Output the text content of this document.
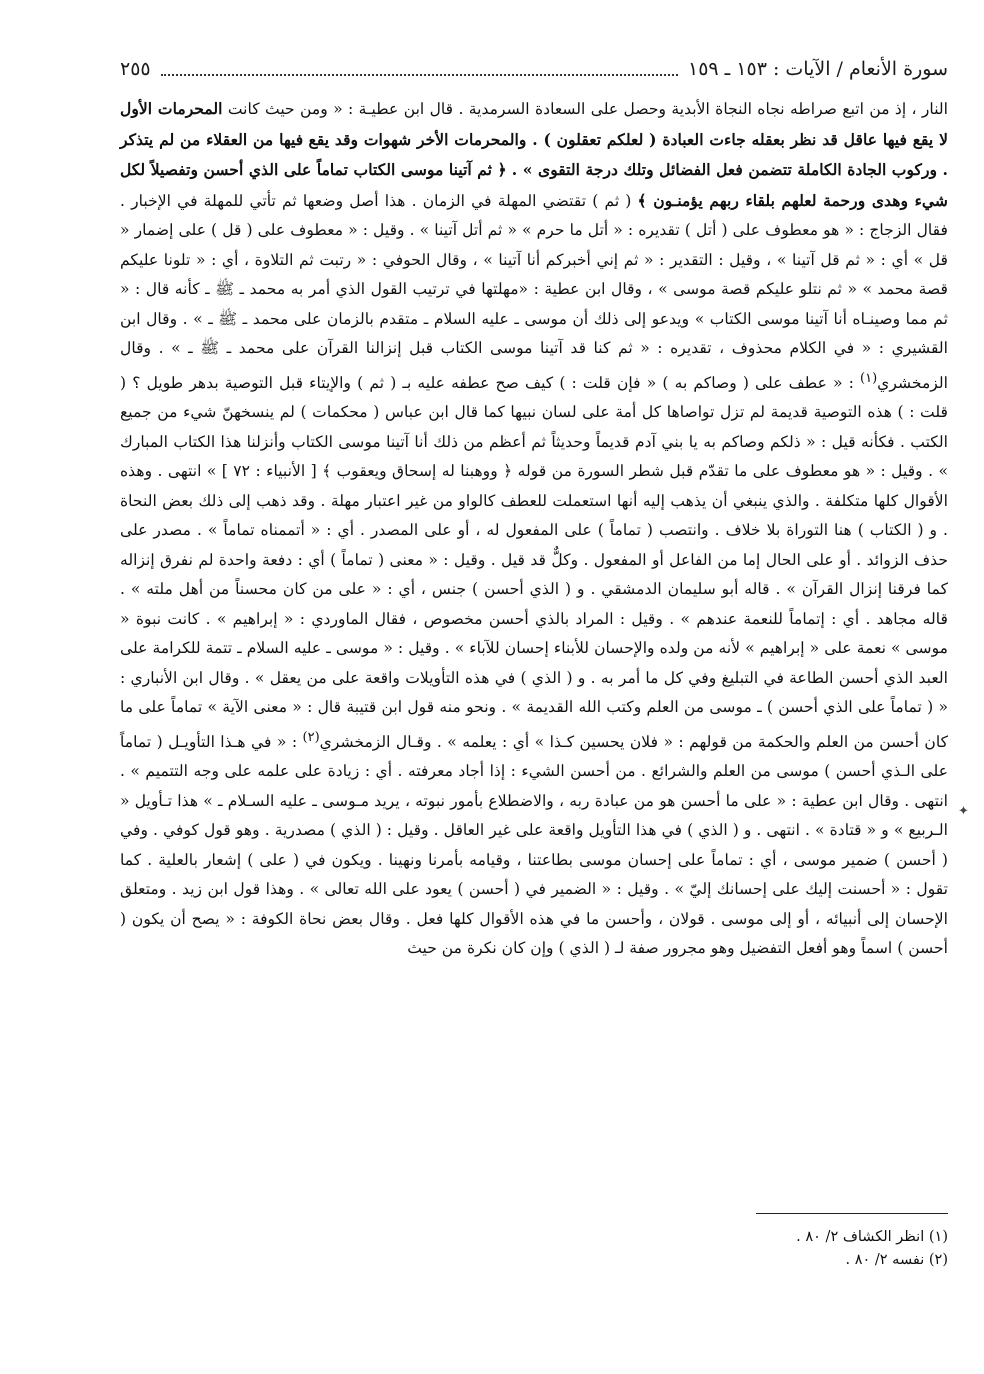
سورة الأنعام / الآيات : ١٥٣ ـ ١٥٩
٢٥٥

النار ، إذ من اتبع صراطه نجاه النجاة الأبدية وحصل على السعادة السرمدية . قال ابن عطيـة : « ومن حيث كانت المحرمات الأول لا يقع فيها عاقل قد نظر بعقله جاءت العبادة ( لعلكم تعقلون ) . والمحرمات الأخر شهوات وقد يقع فيها من العقلاء من لم يتذكر . وركوب الجادة الكاملة تتضمن فعل الفضائل وتلك درجة التقوى » . ﴿ ثم آتينا موسى الكتاب تماماً على الذي أحسن وتفصيلاً لكل شيء وهدى ورحمة لعلهم بلقاء ربهم يؤمنـون ﴾ ( ثم ) تقتضي المهلة في الزمان . هذا أصل وضعها ثم تأتي للمهلة في الإخبار . فقال الزجاج : « هو معطوف على ( أتل ) تقديره : « أتل ما حرم » « ثم أتل آتينا » . وقيل : « معطوف على ( قل ) على إضمار « قل » أي : « ثم قل آتينا » ، وقيل : التقدير : « ثم إني أخبركم أنا آتينا » ، وقال الحوفي : « رتبت ثم التلاوة ، أي : « تلونا عليكم قصة محمد » « ثم نتلو عليكم قصة موسى » ، وقال ابن عطية : «مهلتها في ترتيب القول الذي أمر به محمد ـ ﷺ ـ كأنه قال : « ثم مما وصينـاه أنا آتينا موسى الكتاب » ويدعو إلى ذلك أن موسى ـ عليه السلام ـ متقدم بالزمان على محمد ـ ﷺ ـ » . وقال ابن القشيري : « في الكلام محذوف ، تقديره : « ثم كنا قد آتينا موسى الكتاب قبل إنزالنا القرآن على محمد ـ ﷺ ـ » . وقال الزمخشري$^{(١)}$ : « عطف على ( وصاكم به ) « فإن قلت : ) كيف صح عطفه عليه بـ ( ثم ) والإيتاء قبل التوصية بدهر طويل ؟ ( قلت : ) هذه التوصية قديمة لم تزل تواصاها كل أمة على لسان نبيها كما قال ابن عباس ( محكمات ) لم ينسخهنّ شيء من جميع الكتب . فكأنه قيل : « ذلكم وصاكم به يا بني آدم قديماً وحديثاً ثم أعظم من ذلك أنا آتينا موسى الكتاب وأنزلنا هذا الكتاب المبارك » . وقيل : « هو معطوف على ما تقدّم قبل شطر السورة من قوله ﴿ ووهبنا له إسحاق ويعقوب ﴾ [ الأنبياء : ٧٢ ] » انتهى . وهذه الأقوال كلها متكلفة . والذي ينبغي أن يذهب إليه أنها استعملت للعطف كالواو من غير اعتبار مهلة . وقد ذهب إلى ذلك بعض النحاة . و ( الكتاب ) هنا التوراة بلا خلاف . وانتصب ( تماماً ) على المفعول له ، أو على المصدر . أي : « أتممناه تماماً » . مصدر على حذف الزوائد . أو على الحال إما من الفاعل أو المفعول . وكلٌّ قد قيل . وقيل : « معنى ( تماماً ) أي : دفعة واحدة لم نفرق إنزاله كما فرقنا إنزال القرآن » . قاله أبو سليمان الدمشقي . و ( الذي أحسن ) جنس ، أي : « على من كان محسناً من أهل ملته » . قاله مجاهد . أي : إتماماً للنعمة عندهم » . وقيل : المراد بالذي أحسن مخصوص ، فقال الماوردي : « إبراهيم » . كانت نبوة « موسى » نعمة على « إبراهيم » لأنه من ولده والإحسان للأبناء إحسان للآباء » . وقيل : « موسى ـ عليه السلام ـ تتمة للكرامة على العبد الذي أحسن الطاعة في التبليغ وفي كل ما أمر به . و ( الذي ) في هذه التأويلات واقعة على من يعقل » . وقال ابن الأنباري : « ( تماماً على الذي أحسن ) ـ موسى من العلم وكتب الله القديمة » . ونحو منه قول ابن قتيبة قال : « معنى الآية » تماماً على ما كان أحسن من العلم والحكمة من قولهم : « فلان يحسين كـذا » أي : يعلمه » . وقـال الزمخشري$^{(٢)}$ : « في هـذا التأويـل ( تماماً على الـذي أحسن ) موسى من العلم والشرائع . من أحسن الشيء : إذا أجاد معرفته . أي : زيادة على علمه على وجه التتميم » . انتهى . وقال ابن عطية : « على ما أحسن هو من عبادة ربه ، والاضطلاع بأمور نبوته ، يريد مـوسى ـ عليه السـلام ـ » هذا تـأويل « الـربيع » و « قتادة » . انتهى . و ( الذي ) في هذا التأويل واقعة على غير العاقل . وقيل : ( الذي ) مصدرية . وهو قول كوفي . وفي ( أحسن ) ضمير موسى ، أي : تماماً على إحسان موسى بطاعتنا ، وقيامه بأمرنا ونهينا . ويكون في ( على ) إشعار بالعلية . كما تقول : « أحسنت إليك على إحسانك إليّ » . وقيل : « الضمير في ( أحسن ) يعود على الله تعالى » . وهذا قول ابن زيد . ومتعلق الإحسان إلى أنبيائه ، أو إلى موسى . قولان ، وأحسن ما في هذه الأقوال كلها فعل . وقال بعض نحاة الكوفة : « يصح أن يكون ( أحسن ) اسماً وهو أفعل التفضيل وهو مجرور صفة لـ ( الذي ) وإن كان نكرة من حيث

✦
(١) انظر الكشاف ٢/ ٨٠ .
(٢) نفسه ٢/ ٨٠ .
